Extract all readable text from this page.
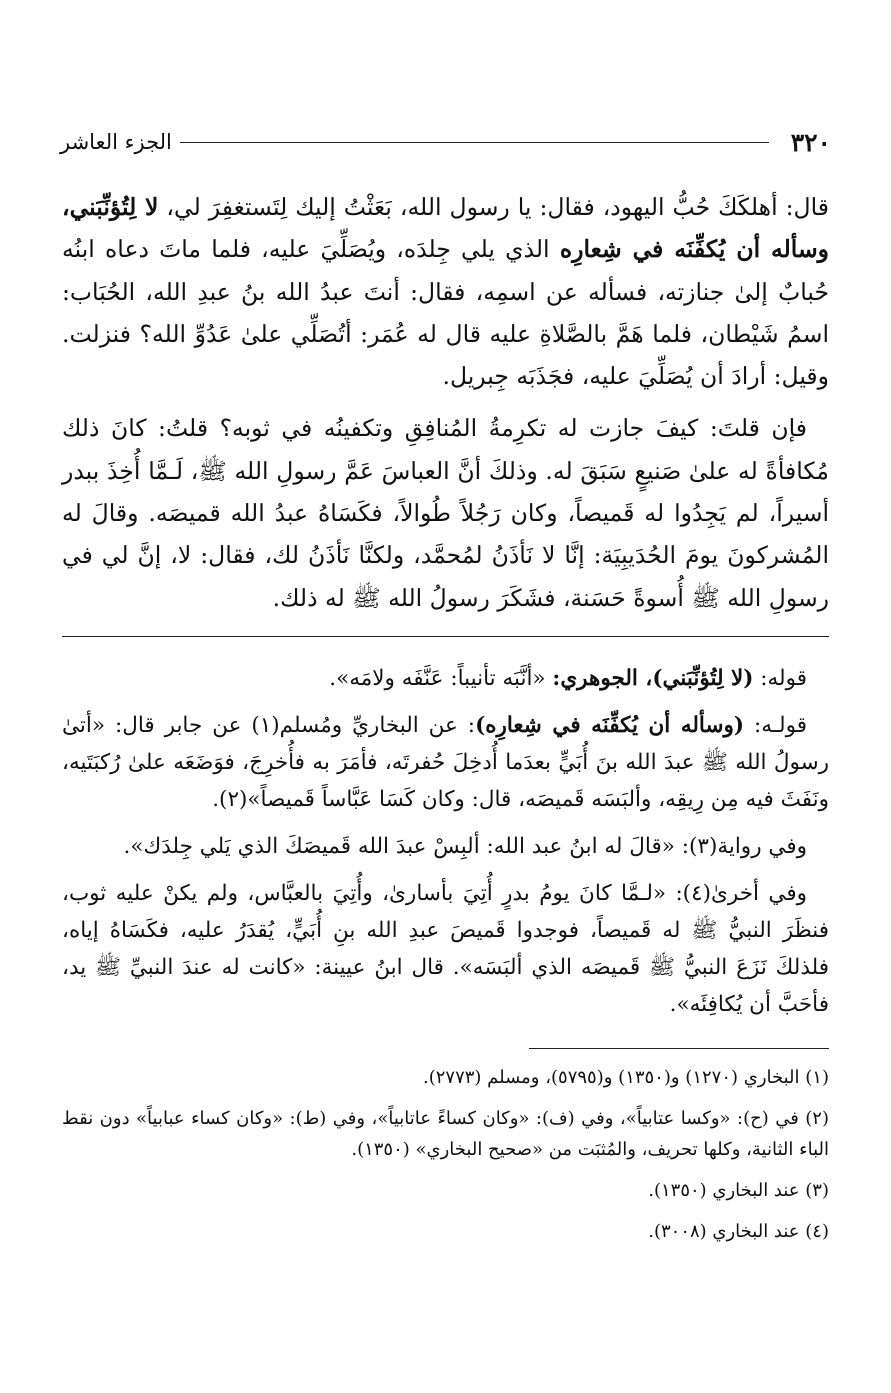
٣٢٠
الجزء العاشر

قال: أهلكَكَ حُبُّ اليهود، فقال: يا رسول الله، بَعَثْتُ إليك لِتَستغفِرَ لي، لا لِتُؤنِّبَني، وسأله أن يُكفِّنَه في شِعارِه الذي يلي جِلدَه، ويُصَلِّيَ عليه، فلما ماتَ دعاه ابنُه حُبابٌ إلىٰ جنازته، فسأله عن اسمِه، فقال: أنتَ عبدُ الله بنُ عبدِ الله، الحُبَاب: اسمُ شَيْطان، فلما هَمَّ بالصَّلاةِ عليه قال له عُمَر: أتُصَلِّي علىٰ عَدُوِّ الله؟ فنزلت. وقيل: أرادَ أن يُصَلِّيَ عليه، فجَذَبَه جِبريل.

فإن قلتَ: كيفَ جازت له تكرِمةُ المُنافِقِ وتكفينُه في ثوبه؟ قلتُ: كانَ ذلك مُكافأةً له علىٰ صَنيعٍ سَبَقَ له. وذلكَ أنَّ العباسَ عَمَّ رسولِ الله ﷺ، لَـمَّا أُخِذَ ببدر أسيراً، لم يَجِدُوا له قَميصاً، وكان رَجُلاً طُوالاً، فكَسَاهُ عبدُ الله قميصَه. وقالَ له المُشركونَ يومَ الحُدَيبِيَة: إنَّا لا نَأذَنُ لمُحمَّد، ولكنَّا نَأذَنُ لك، فقال: لا، إنَّ لي في رسولِ الله ﷺ أُسوةً حَسَنة، فشَكَرَ رسولُ الله ﷺ له ذلك.

قوله: (لا لِتُؤنِّبَني)، الجوهري: «أنَّبَه تأنيباً: عَنَّفَه ولامَه».

قولـه: (وسأله أن يُكفِّنَه في شِعارِه): عن البخاريِّ ومُسلم(١) عن جابر قال: «أتىٰ رسولُ الله ﷺ عبدَ الله بنَ أُبَيٍّ بعدَما أُدخِلَ حُفرتَه، فأمَرَ به فأُخرِجَ، فوَضَعَه علىٰ رُكبَتَيه، ونَفَثَ فيه مِن رِيقِه، وألبَسَه قَميصَه، قال: وكان كَسَا عَبَّاساً قَميصاً»(٢).

وفي رواية(٣): «قالَ له ابنُ عبد الله: ألبِسْ عبدَ الله قَميصَكَ الذي يَلي جِلدَك».

وفي أخرىٰ(٤): «لـمَّا كانَ يومُ بدرٍ أُتِيَ بأسارىٰ، وأُتِيَ بالعبَّاس، ولم يكنْ عليه ثوب، فنظَرَ النبيُّ ﷺ له قَميصاً، فوجدوا قَميصَ عبدِ الله بنِ أُبَيٍّ، يُقدَرُ عليه، فكَسَاهُ إياه، فلذلكَ نَزَعَ النبيُّ ﷺ قَميصَه الذي ألبَسَه». قال ابنُ عيينة: «كانت له عندَ النبيِّ ﷺ يد، فأحَبَّ أن يُكافِئَه».

(١) البخاري (١٢٧٠) و(١٣٥٠) و(٥٧٩٥)، ومسلم (٢٧٧٣).

(٢) في (ح): «وكسا عتابياً»، وفي (ف): «وكان كساءً عاتابياً»، وفي (ط): «وكان كساء عبابياً» دون نقط الباء الثانية، وكلها تحريف، والمُثبَت من «صحيح البخاري» (١٣٥٠).

(٣) عند البخاري (١٣٥٠).

(٤) عند البخاري (٣٠٠٨).
